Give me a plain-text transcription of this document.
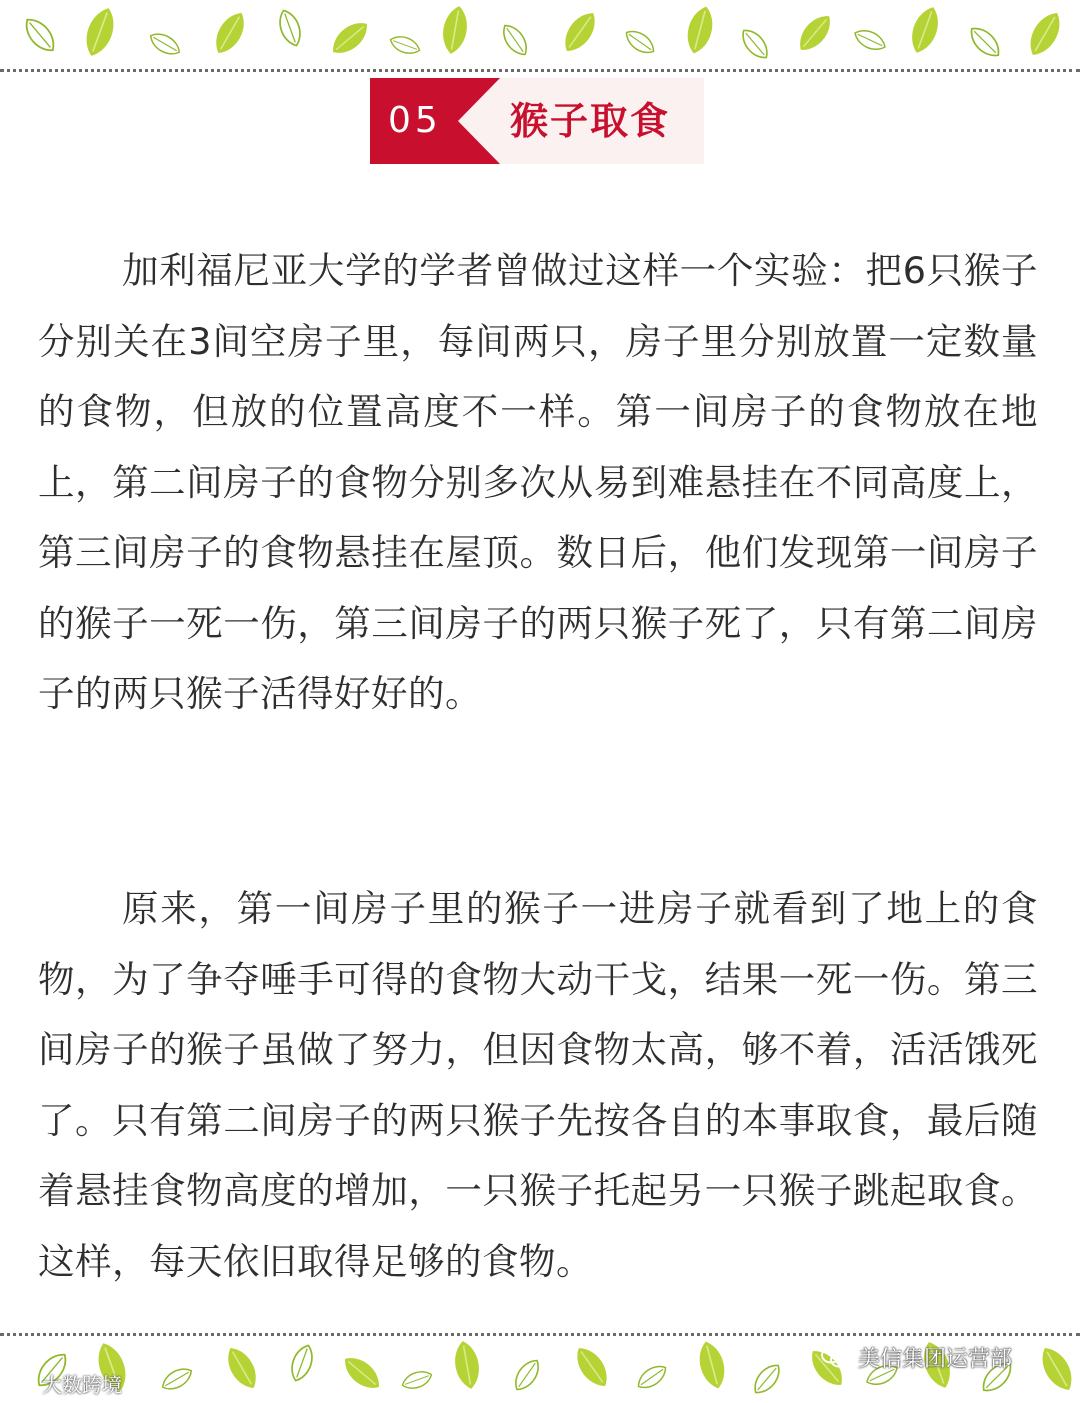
05	猴子取食

加利福尼亚大学的学者曾做过这样一个实验：把6只猴子分别关在3间空房子里，每间两只，房子里分别放置一定数量的食物，但放的位置高度不一样。第一间房子的食物放在地上，第二间房子的食物分别多次从易到难悬挂在不同高度上，第三间房子的食物悬挂在屋顶。数日后，他们发现第一间房子的猴子一死一伤，第三间房子的两只猴子死了，只有第二间房子的两只猴子活得好好的。

原来，第一间房子里的猴子一进房子就看到了地上的食物，为了争夺唾手可得的食物大动干戈，结果一死一伤。第三间房子的猴子虽做了努力，但因食物太高，够不着，活活饿死了。只有第二间房子的两只猴子先按各自的本事取食，最后随着悬挂食物高度的增加，一只猴子托起另一只猴子跳起取食。这样，每天依旧取得足够的食物。

大数跨境
美信集团运营部
